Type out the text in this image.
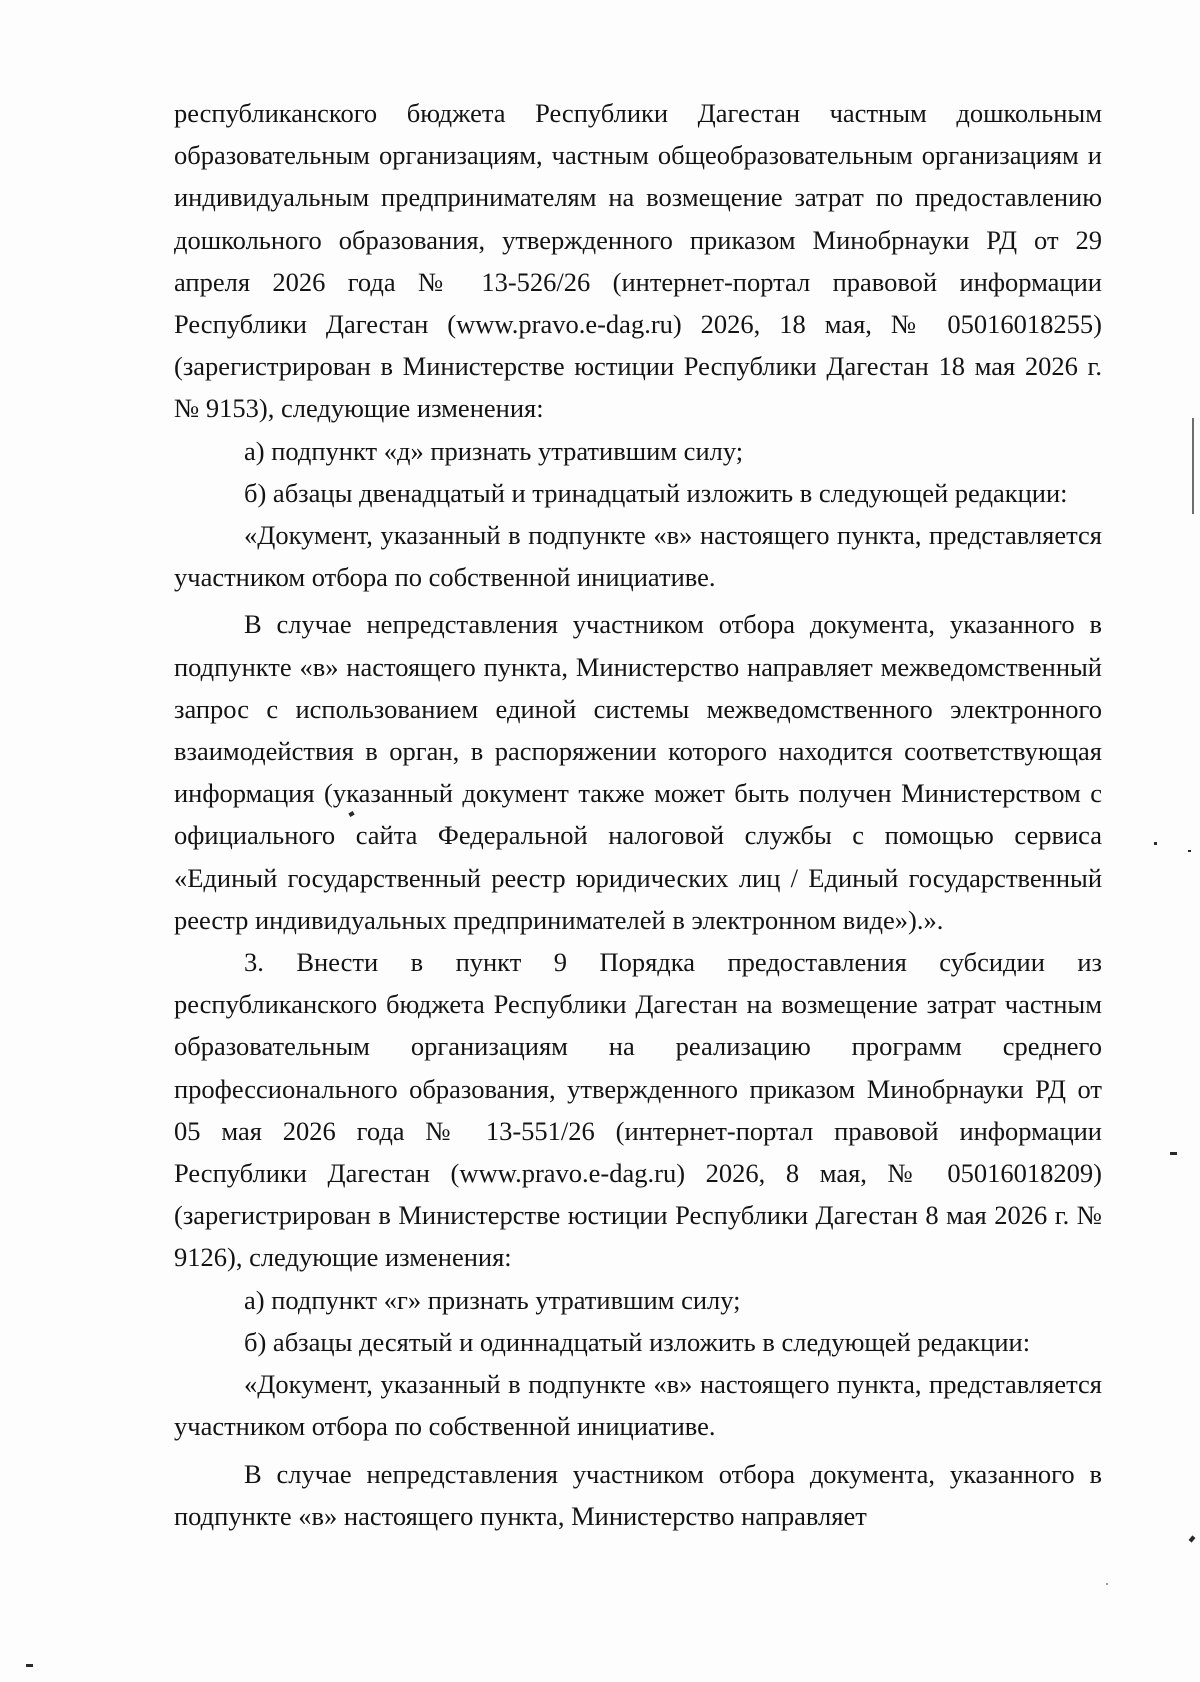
республиканского бюджета Республики Дагестан частным дошкольным образовательным организациям, частным общеобразовательным организациям и индивидуальным предпринимателям на возмещение затрат по предоставлению дошкольного образования, утвержденного приказом Минобрнауки РД от 29 апреля 2026 года № 13-526/26 (интернет-портал правовой информации Республики Дагестан (www.pravo.e-dag.ru) 2026, 18 мая, № 05016018255) (зарегистрирован в Министерстве юстиции Республики Дагестан 18 мая 2026 г. № 9153), следующие изменения:

а) подпункт «д» признать утратившим силу;

б) абзацы двенадцатый и тринадцатый изложить в следующей редакции:

«Документ, указанный в подпункте «в» настоящего пункта, представляется участником отбора по собственной инициативе.

В случае непредставления участником отбора документа, указанного в подпункте «в» настоящего пункта, Министерство направляет межведомственный запрос с использованием единой системы межведомственного электронного взаимодействия в орган, в распоряжении которого находится соответствующая информация (указанный документ также может быть получен Министерством с официального сайта Федеральной налоговой службы с помощью сервиса «Единый государственный реестр юридических лиц / Единый государственный реестр индивидуальных предпринимателей в электронном виде»).».

3. Внести в пункт 9 Порядка предоставления субсидии из республиканского бюджета Республики Дагестан на возмещение затрат частным образовательным организациям на реализацию программ среднего профессионального образования, утвержденного приказом Минобрнауки РД от 05 мая 2026 года № 13-551/26 (интернет-портал правовой информации Республики Дагестан (www.pravo.e-dag.ru) 2026, 8 мая, № 05016018209) (зарегистрирован в Министерстве юстиции Республики Дагестан 8 мая 2026 г. № 9126), следующие изменения:

а) подпункт «г» признать утратившим силу;

б) абзацы десятый и одиннадцатый изложить в следующей редакции:

«Документ, указанный в подпункте «в» настоящего пункта, представляется участником отбора по собственной инициативе.

В случае непредставления участником отбора документа, указанного в подпункте «в» настоящего пункта, Министерство направляет
